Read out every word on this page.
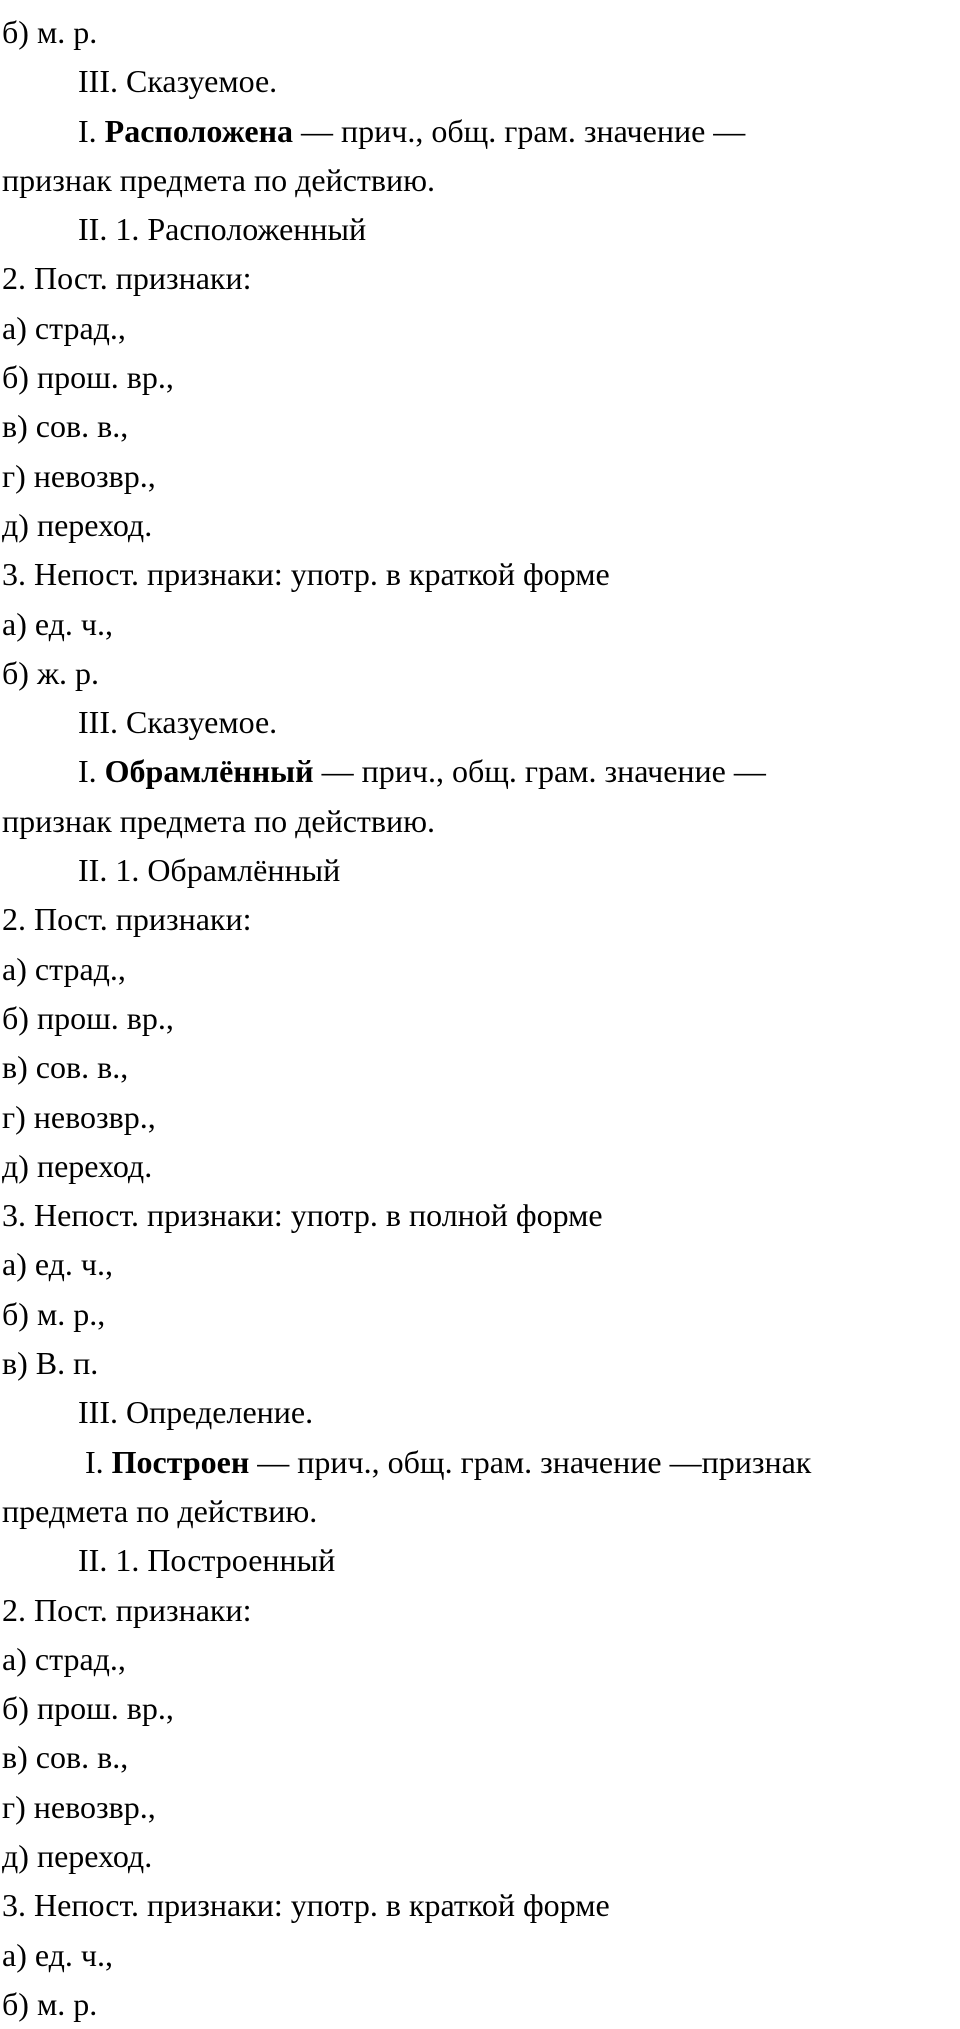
б) м. р.

III. Сказуемое.

I. Расположена — прич., общ. грам. значение —

признак предмета по действию.

II. 1. Расположенный

2. Пост. признаки:

а) страд.,

б) прош. вр.,

в) сов. в.,

г) невозвр.,

д) переход.

3. Непост. признаки: употр. в краткой форме

а) ед. ч.,

б) ж. р.

III. Сказуемое.

I. Обрамлённый — прич., общ. грам. значение —

признак предмета по действию.

II. 1. Обрамлённый

2. Пост. признаки:

а) страд.,

б) прош. вр.,

в) сов. в.,

г) невозвр.,

д) переход.

3. Непост. признаки: употр. в полной форме

а) ед. ч.,

б) м. р.,

в) В. п.

III. Определение.

I. Построен — прич., общ. грам. значение —признак

предмета по действию.

II. 1. Построенный

2. Пост. признаки:

а) страд.,

б) прош. вр.,

в) сов. в.,

г) невозвр.,

д) переход.

3. Непост. признаки: употр. в краткой форме

а) ед. ч.,

б) м. р.
